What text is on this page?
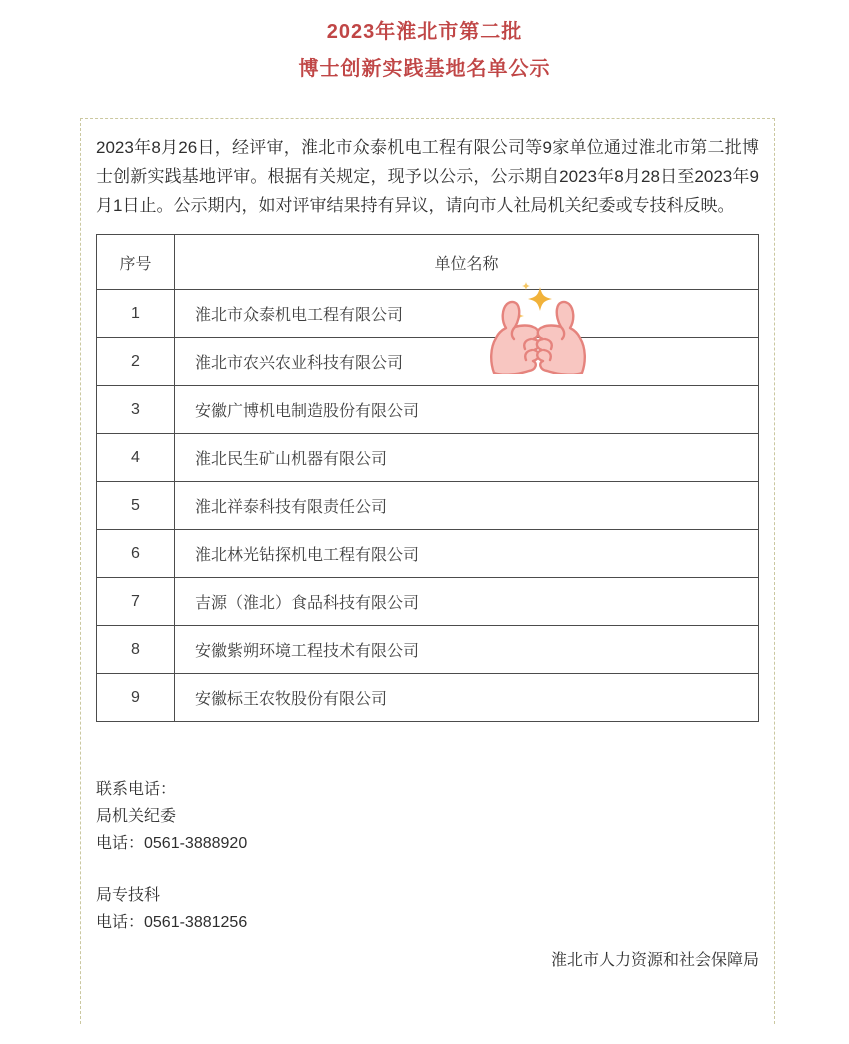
2023年淮北市第二批
博士创新实践基地名单公示

2023年8月26日，经评审，淮北市众泰机电工程有限公司等9家单位通过淮北市第二批博士创新实践基地评审。根据有关规定，现予以公示，公示期自2023年8月28日至2023年9月1日止。公示期内，如对评审结果持有异议，请向市人社局机关纪委或专技科反映。

序号	单位名称
1	淮北市众泰机电工程有限公司
2	淮北市农兴农业科技有限公司
3	安徽广博机电制造股份有限公司
4	淮北民生矿山机器有限公司
5	淮北祥泰科技有限责任公司
6	淮北林光钻探机电工程有限公司
7	吉源（淮北）食品科技有限公司
8	安徽紫朔环境工程技术有限公司
9	安徽标王农牧股份有限公司
联系电话：
局机关纪委
电话：0561-3888920
局专技科
电话：0561-3881256
淮北市人力资源和社会保障局
